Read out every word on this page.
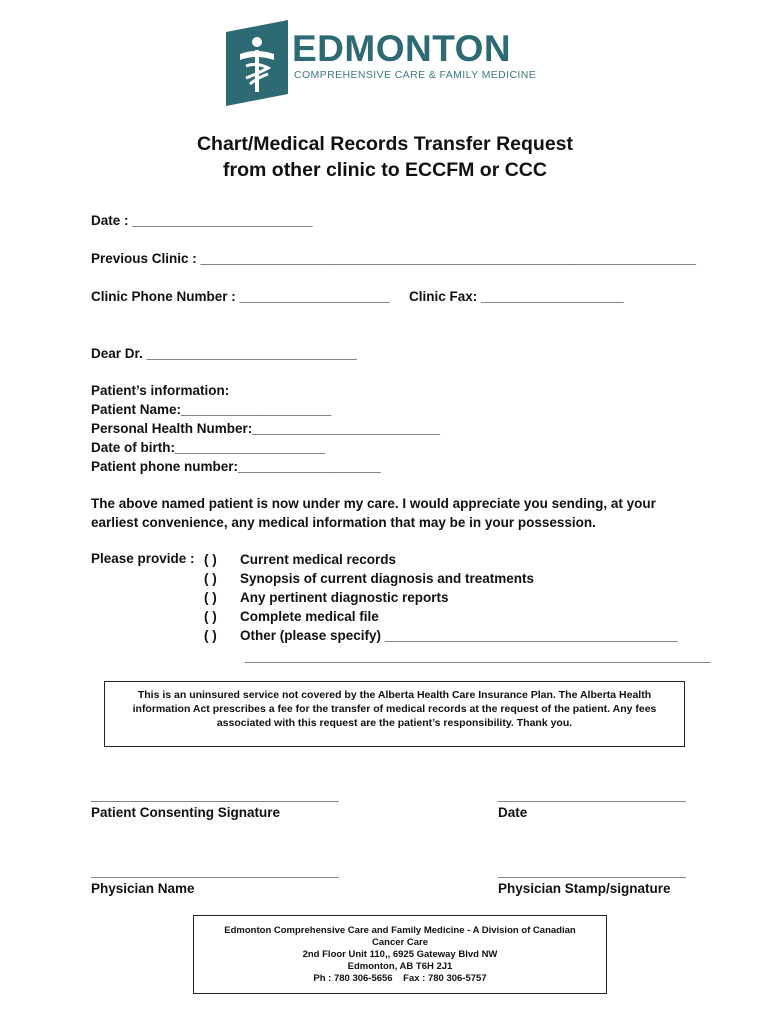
EDMONTON
COMPREHENSIVE CARE & FAMILY MEDICINE
Chart/Medical Records Transfer Request
from other clinic to ECCFM or CCC
Date : ________________________
Previous Clinic : __________________________________________________________________
Clinic Phone Number : ____________________ Clinic Fax: ___________________
Dear Dr. ____________________________
Patient’s information:
Patient Name:____________________
Personal Health Number:_________________________
Date of birth:____________________
Patient phone number:___________________
The above named patient is now under my care. I would appreciate you sending, at your
earliest convenience, any medical information that may be in your possession.
Please provide : ( ) Current medical records
( ) Synopsis of current diagnosis and treatments
( ) Any pertinent diagnostic reports
( ) Complete medical file
( ) Other (please specify) _______________________________________
______________________________________________________________
This is an uninsured service not covered by the Alberta Health Care Insurance Plan. The Alberta Health
information Act prescribes a fee for the transfer of medical records at the request of the patient. Any fees
associated with this request are the patient’s responsibility. Thank you.
_________________________________	_________________________
Patient Consenting Signature	Date
_________________________________	_________________________
Physician Name	Physician Stamp/signature
Edmonton Comprehensive Care and Family Medicine - A Division of Canadian
Cancer Care
2nd Floor Unit 110,, 6925 Gateway Blvd NW
Edmonton, AB T6H 2J1
Ph : 780 306-5656    Fax : 780 306-5757
